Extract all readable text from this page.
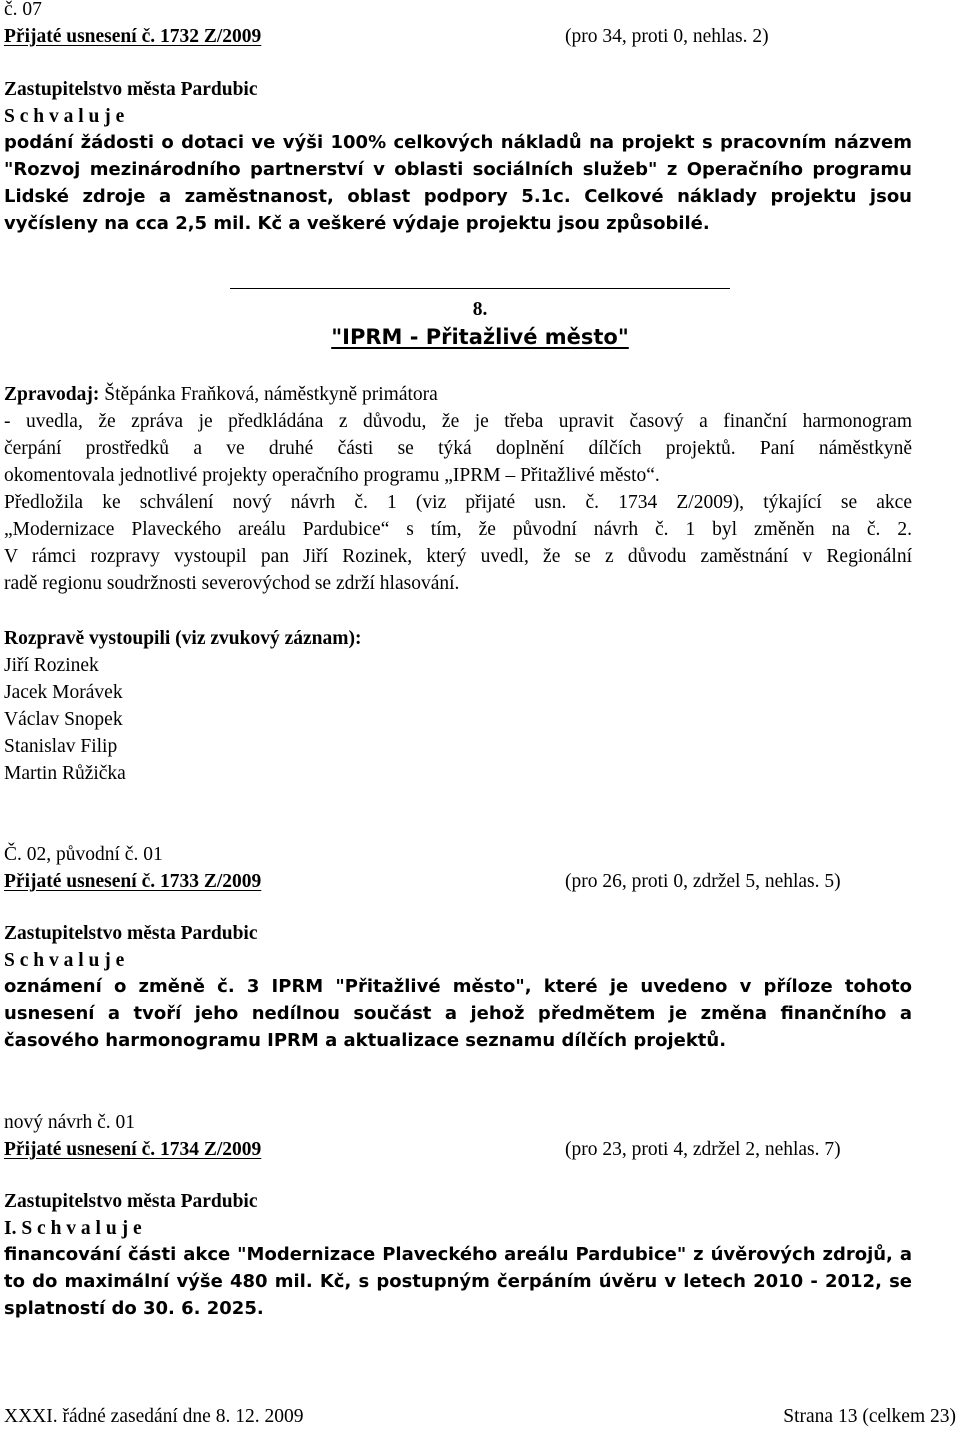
č. 07
Přijaté usnesení č. 1732 Z/2009	(pro 34, proti 0, nehlas. 2)
Zastupitelstvo města Pardubic
S c h v a l u j e
podání žádosti o dotaci ve výši 100% celkových nákladů na projekt s pracovním názvem
"Rozvoj mezinárodního partnerství v oblasti sociálních služeb" z Operačního programu
Lidské zdroje a zaměstnanost, oblast podpory 5.1c. Celkové náklady projektu jsou
vyčísleny na cca 2,5 mil. Kč a veškeré výdaje projektu jsou způsobilé.
8.
"IPRM - Přitažlivé město"
Zpravodaj: Štěpánka Fraňková, náměstkyně primátora
- uvedla, že zpráva je předkládána z důvodu, že je třeba upravit časový a finanční harmonogram
čerpání prostředků a ve druhé části se týká doplnění dílčích projektů. Paní náměstkyně
okomentovala jednotlivé projekty operačního programu „IPRM – Přitažlivé město“.
Předložila ke schválení nový návrh č. 1 (viz přijaté usn. č. 1734 Z/2009), týkající se akce
„Modernizace Plaveckého areálu Pardubice“ s tím, že původní návrh č. 1 byl změněn na č. 2.
V rámci rozpravy vystoupil pan Jiří Rozinek, který uvedl, že se z důvodu zaměstnání v Regionální
radě regionu soudržnosti severovýchod se zdrží hlasování.
Rozpravě vystoupili (viz zvukový záznam):
Jiří Rozinek
Jacek Morávek
Václav Snopek
Stanislav Filip
Martin Růžička
Č. 02, původní č. 01
Přijaté usnesení č. 1733 Z/2009	(pro 26, proti 0, zdržel 5, nehlas. 5)
Zastupitelstvo města Pardubic
S c h v a l u j e
oznámení o změně č. 3 IPRM "Přitažlivé město", které je uvedeno v příloze tohoto
usnesení a tvoří jeho nedílnou součást a jehož předmětem je změna finančního a
časového harmonogramu IPRM a aktualizace seznamu dílčích projektů.
nový návrh č. 01
Přijaté usnesení č. 1734 Z/2009	(pro 23, proti 4, zdržel 2, nehlas. 7)
Zastupitelstvo města Pardubic
I. S c h v a l u j e
financování části akce "Modernizace Plaveckého areálu Pardubice" z úvěrových zdrojů, a
to do maximální výše 480 mil. Kč, s postupným čerpáním úvěru v letech 2010 - 2012, se
splatností do 30. 6. 2025.
XXXI. řádné zasedání dne 8. 12. 2009	Strana 13 (celkem 23)
